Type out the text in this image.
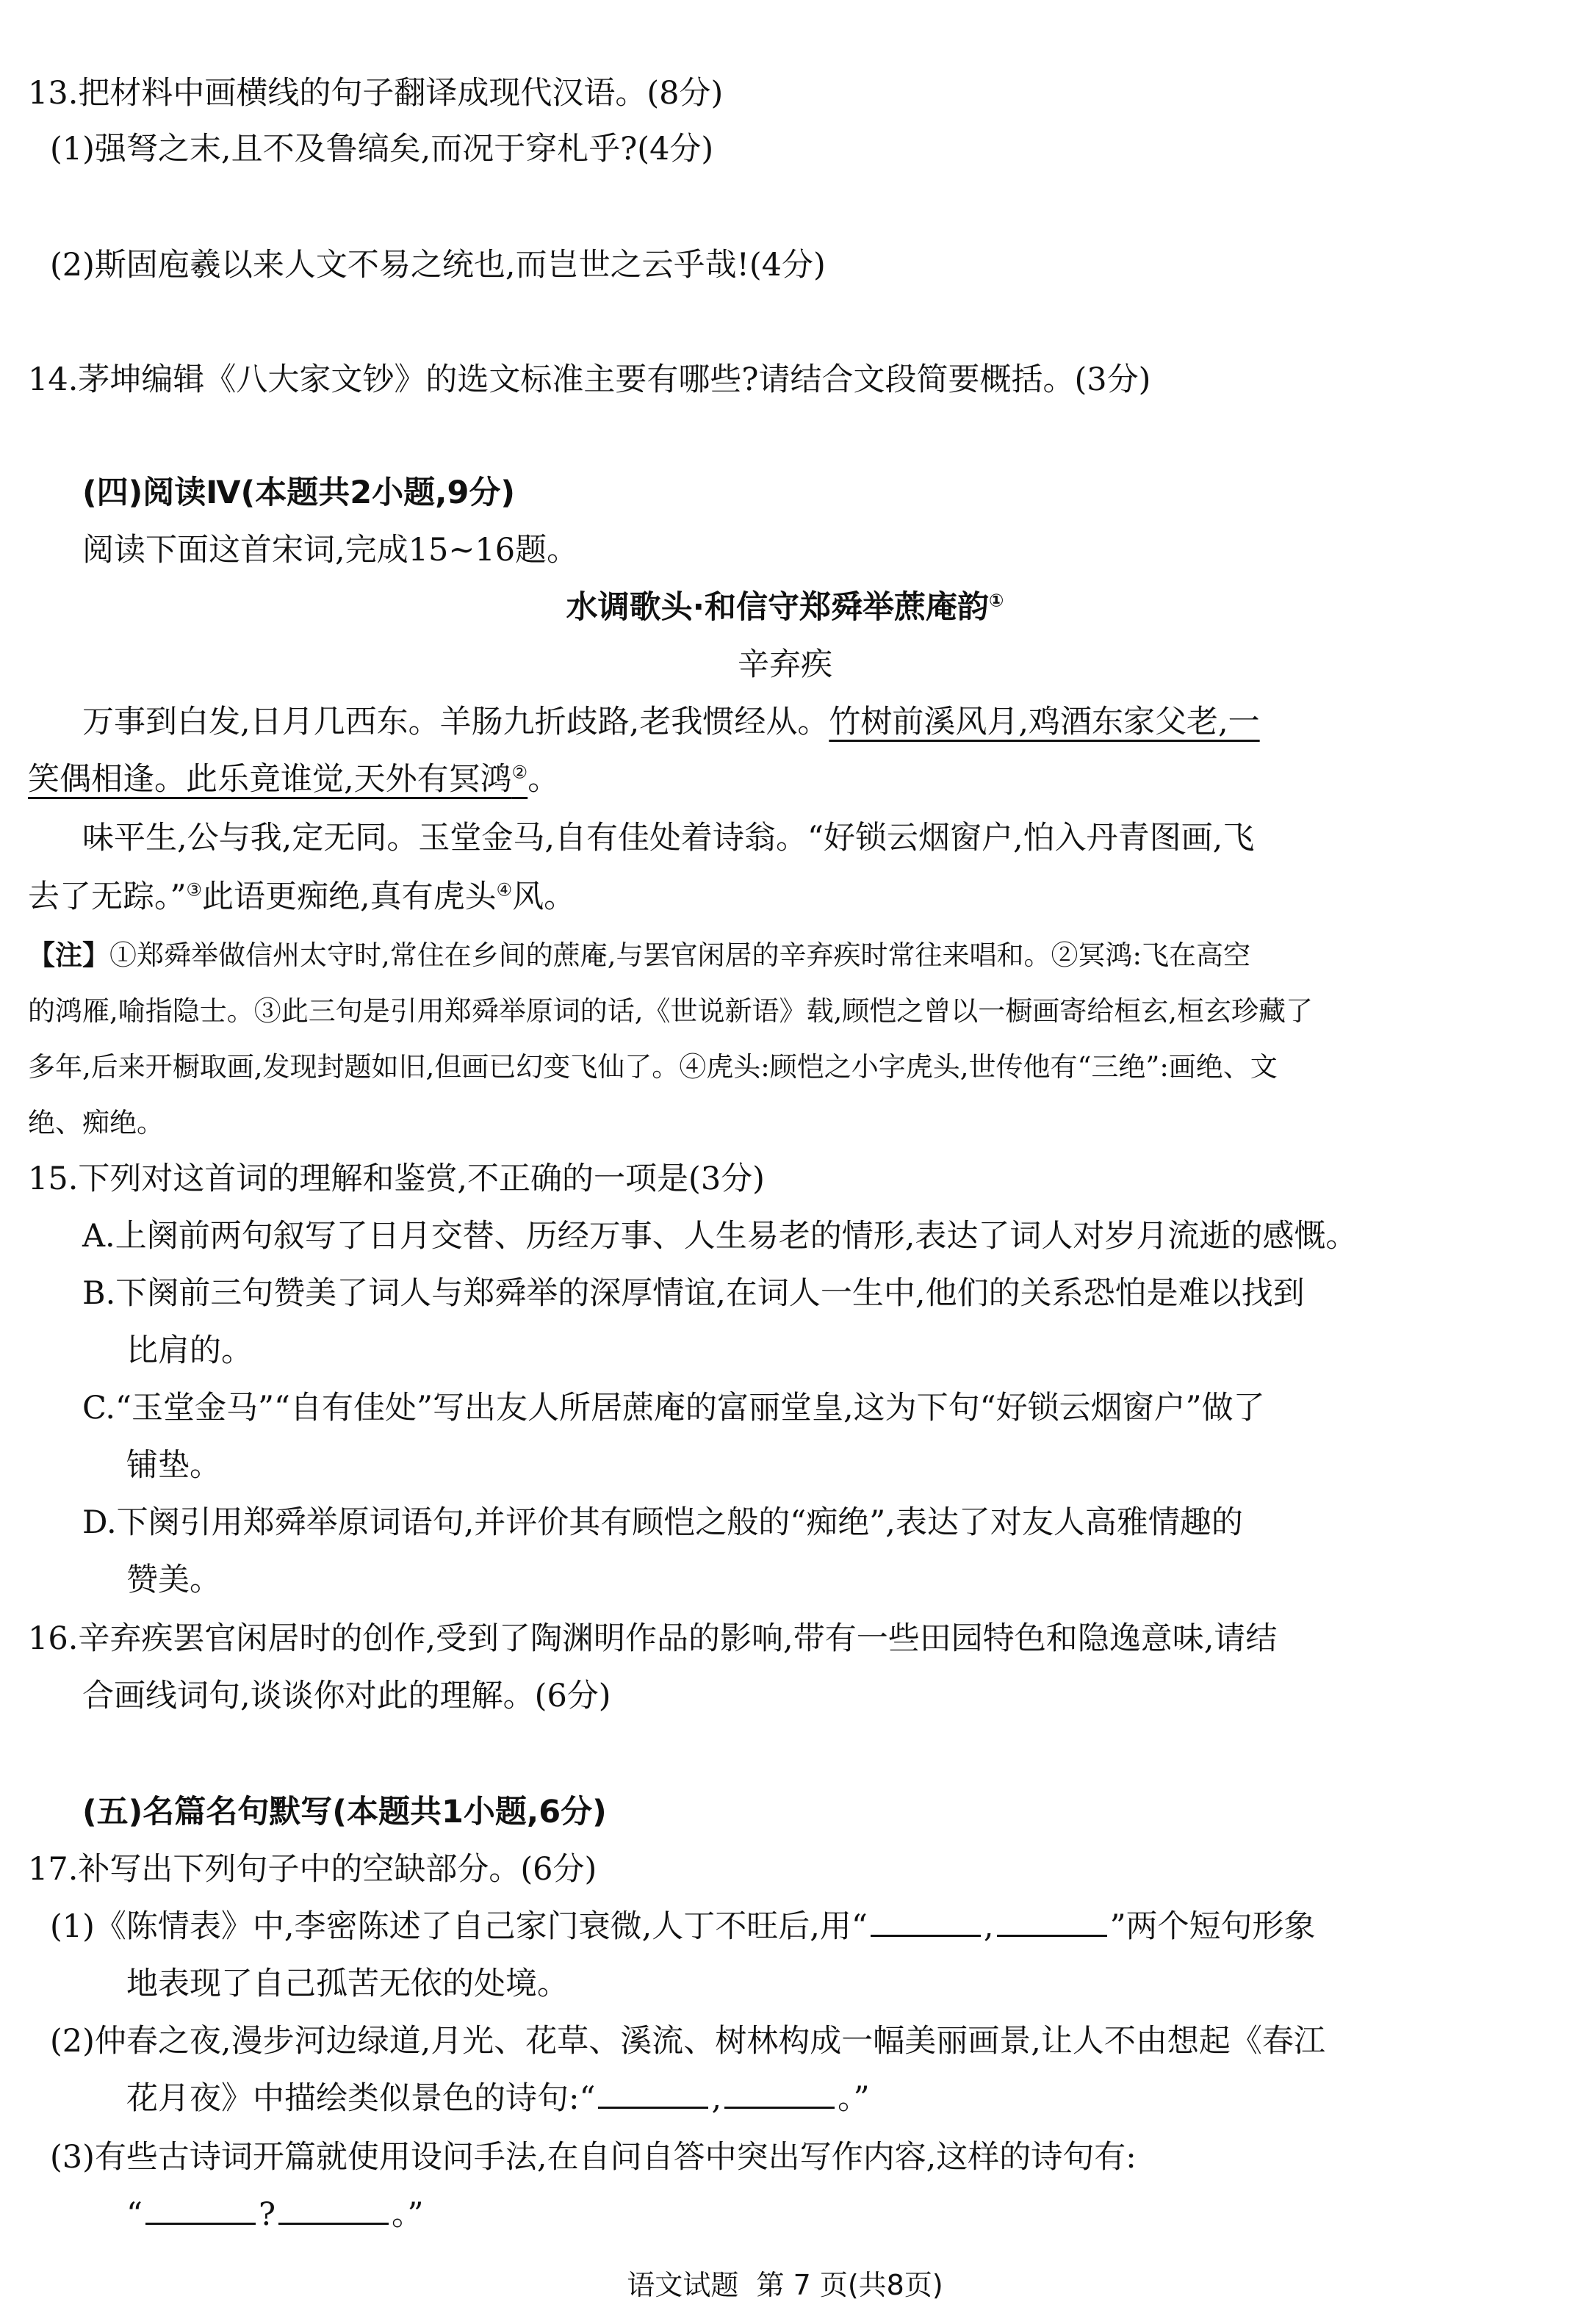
13.把材料中画横线的句子翻译成现代汉语。(8分)
(1)强弩之末,且不及鲁缟矣,而况于穿札乎?(4分)
(2)斯固庖羲以来人文不易之统也,而岂世之云乎哉!(4分)
14.茅坤编辑《八大家文钞》的选文标准主要有哪些?请结合文段简要概括。(3分)
(四)阅读Ⅳ(本题共2小题,9分)
阅读下面这首宋词,完成15~16题。
水调歌头·和信守郑舜举蔗庵韵①
辛弃疾
万事到白发,日月几西东。羊肠九折歧路,老我惯经从。竹树前溪风月,鸡酒东家父老,一
笑偶相逢。此乐竟谁觉,天外有冥鸿②。
味平生,公与我,定无同。玉堂金马,自有佳处着诗翁。“好锁云烟窗户,怕入丹青图画,飞
去了无踪。”③此语更痴绝,真有虎头④风。
【注】①郑舜举做信州太守时,常住在乡间的蔗庵,与罢官闲居的辛弃疾时常往来唱和。②冥鸿:飞在高空
的鸿雁,喻指隐士。③此三句是引用郑舜举原词的话,《世说新语》载,顾恺之曾以一橱画寄给桓玄,桓玄珍藏了
多年,后来开橱取画,发现封题如旧,但画已幻变飞仙了。④虎头:顾恺之小字虎头,世传他有“三绝”:画绝、文
绝、痴绝。
15.下列对这首词的理解和鉴赏,不正确的一项是(3分)
A.上阕前两句叙写了日月交替、历经万事、人生易老的情形,表达了词人对岁月流逝的感慨。
B.下阕前三句赞美了词人与郑舜举的深厚情谊,在词人一生中,他们的关系恐怕是难以找到
比肩的。
C.“玉堂金马”“自有佳处”写出友人所居蔗庵的富丽堂皇,这为下句“好锁云烟窗户”做了
铺垫。
D.下阕引用郑舜举原词语句,并评价其有顾恺之般的“痴绝”,表达了对友人高雅情趣的
赞美。
16.辛弃疾罢官闲居时的创作,受到了陶渊明作品的影响,带有一些田园特色和隐逸意味,请结
合画线词句,谈谈你对此的理解。(6分)
(五)名篇名句默写(本题共1小题,6分)
17.补写出下列句子中的空缺部分。(6分)
(1)《陈情表》中,李密陈述了自己家门衰微,人丁不旺后,用“	,	”两个短句形象
地表现了自己孤苦无依的处境。
(2)仲春之夜,漫步河边绿道,月光、花草、溪流、树林构成一幅美丽画景,让人不由想起《春江
花月夜》中描绘类似景色的诗句:“	,	。”
(3)有些古诗词开篇就使用设问手法,在自问自答中突出写作内容,这样的诗句有:
“	?	。”
语文试题 第 7 页(共8页)
